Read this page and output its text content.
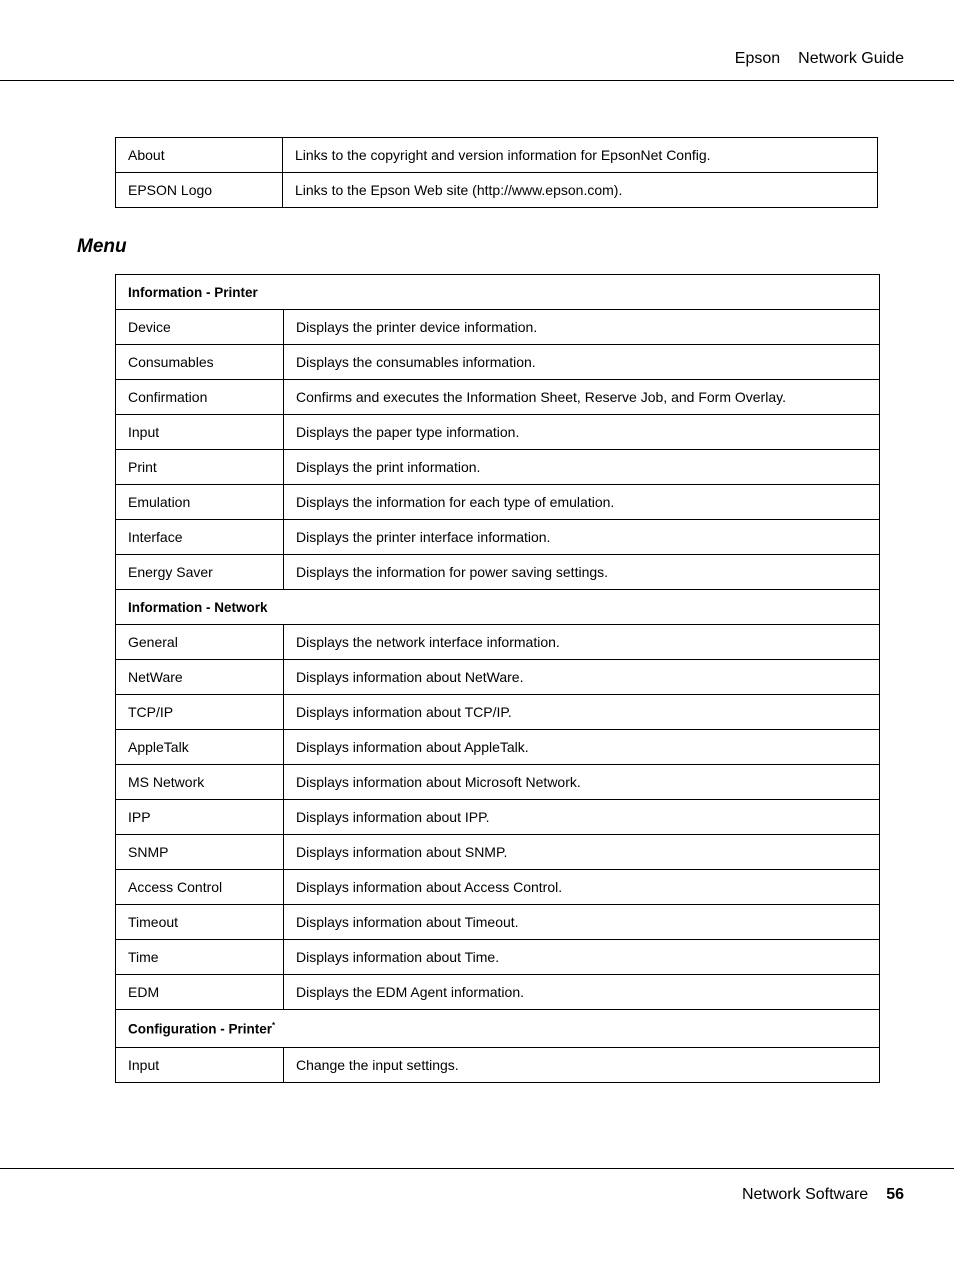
Epson Network Guide
About	Links to the copyright and version information for EpsonNet Config.
EPSON Logo	Links to the Epson Web site (http://www.epson.com).
Menu
Information - Printer	
Device	Displays the printer device information.
Consumables	Displays the consumables information.
Confirmation	Confirms and executes the Information Sheet, Reserve Job, and Form Overlay.
Input	Displays the paper type information.
Print	Displays the print information.
Emulation	Displays the information for each type of emulation.
Interface	Displays the printer interface information.
Energy Saver	Displays the information for power saving settings.
Information - Network	
General	Displays the network interface information.
NetWare	Displays information about NetWare.
TCP/IP	Displays information about TCP/IP.
AppleTalk	Displays information about AppleTalk.
MS Network	Displays information about Microsoft Network.
IPP	Displays information about IPP.
SNMP	Displays information about SNMP.
Access Control	Displays information about Access Control.
Timeout	Displays information about Timeout.
Time	Displays information about Time.
EDM	Displays the EDM Agent information.
Configuration - Printer*
Input	Change the input settings.
Network Software 56
